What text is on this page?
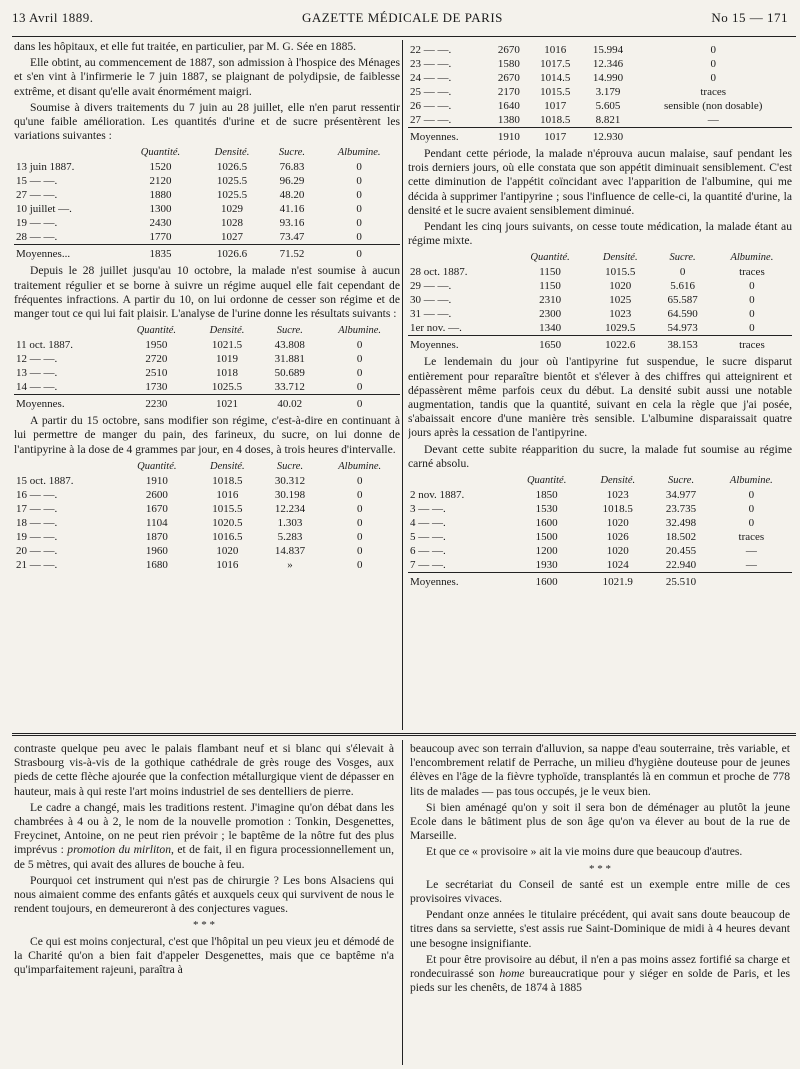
13 Avril 1889.	GAZETTE MÉDICALE DE PARIS	No 15 — 171

dans les hôpitaux, et elle fut traitée, en particulier, par M. G. Sée en 1885.

Elle obtint, au commencement de 1887, son admission à l'hospice des Ménages et s'en vint à l'infirmerie le 7 juin 1887, se plaignant de polydipsie, de faiblesse extrême, et disant qu'elle avait énormément maigri.

Soumise à divers traitements du 7 juin au 28 juillet, elle n'en parut ressentir qu'une faible amélioration. Les quantités d'urine et de sucre présentèrent les variations suivantes :

	Quantité.	Densité.	Sucre.	Albumine.
13 juin 1887.	1520	1026.5	76.83	0
15 — —.	2120	1025.5	96.29	0
27 — —.	1880	1025.5	48.20	0
10 juillet —.	1300	1029	41.16	0
19 — —.	2430	1028	93.16	0
28 — —.	1770	1027	73.47	0
Moyennes...	1835	1026.6	71.52	0

Depuis le 28 juillet jusqu'au 10 octobre, la malade n'est soumise à aucun traitement régulier et se borne à suivre un régime auquel elle fait cependant de fréquentes infractions. A partir du 10, on lui ordonne de cesser son régime et de manger tout ce qui lui fait plaisir. L'analyse de l'urine donne les résultats suivants :

	Quantité.	Densité.	Sucre.	Albumine.
11 oct. 1887.	1950	1021.5	43.808	0
12 — —.	2720	1019	31.881	0
13 — —.	2510	1018	50.689	0
14 — —.	1730	1025.5	33.712	0
Moyennes.	2230	1021	40.02	0

A partir du 15 octobre, sans modifier son régime, c'est-à-dire en continuant à lui permettre de manger du pain, des farineux, du sucre, on lui donne de l'antipyrine à la dose de 4 grammes par jour, en 4 doses, à trois heures d'intervalle.

	Quantité.	Densité.	Sucre.	Albumine.
15 oct. 1887.	1910	1018.5	30.312	0
16 — —.	2600	1016	30.198	0
17 — —.	1670	1015.5	12.234	0
18 — —.	1104	1020.5	1.303	0
19 — —.	1870	1016.5	5.283	0
20 — —.	1960	1020	14.837	0
21 — —.	1680	1016	»	0
22 — —.	2670	1016	15.994	0
23 — —.	1580	1017.5	12.346	0
24 — —.	2670	1014.5	14.990	0
25 — —.	2170	1015.5	3.179	traces
26 — —.	1640	1017	5.605	sensible (non dosable)
27 — —.	1380	1018.5	8.821	—
Moyennes.	1910	1017	12.930	

Pendant cette période, la malade n'éprouva aucun malaise, sauf pendant les trois derniers jours, où elle constata que son appétit diminuait sensiblement. C'est cette diminution de l'appétit coïncidant avec l'apparition de l'albumine, qui me décida à supprimer l'antipyrine ; sous l'influence de celle-ci, la quantité d'urine, la densité et le sucre avaient sensiblement diminué.

Pendant les cinq jours suivants, on cesse toute médication, la malade étant au régime mixte.

	Quantité.	Densité.	Sucre.	Albumine.
28 oct. 1887.	1150	1015.5	0	traces
29 — —.	1150	1020	5.616	0
30 — —.	2310	1025	65.587	0
31 — —.	2300	1023	64.590	0
1er nov. —.	1340	1029.5	54.973	0
Moyennes.	1650	1022.6	38.153	traces

Le lendemain du jour où l'antipyrine fut suspendue, le sucre disparut entièrement pour reparaître bientôt et s'élever à des chiffres qui atteignirent et dépassèrent même parfois ceux du début. La densité subit aussi une notable augmentation, tandis que la quantité, suivant en cela la règle que j'ai posée, s'abaissait encore d'une manière très sensible. L'albumine disparaissait quatre jours après la cessation de l'antipyrine.

Devant cette subite réapparition du sucre, la malade fut soumise au régime carné absolu.

	Quantité.	Densité.	Sucre.	Albumine.
2 nov. 1887.	1850	1023	34.977	0
3 — —.	1530	1018.5	23.735	0
4 — —.	1600	1020	32.498	0
5 — —.	1500	1026	18.502	traces
6 — —.	1200	1020	20.455	—
7 — —.	1930	1024	22.940	—
Moyennes.	1600	1021.9	25.510	

contraste quelque peu avec le palais flambant neuf et si blanc qui s'élevait à Strasbourg vis-à-vis de la gothique cathédrale de grès rouge des Vosges, aux pieds de cette flèche ajourée que la confection métallurgique vient de dépasser en hauteur, mais à qui reste l'art moins industriel de ses dentelliers de pierre.

Le cadre a changé, mais les traditions restent. J'imagine qu'on débat dans les chambrées à 4 ou à 2, le nom de la nouvelle promotion : Tonkin, Desgenettes, Freycinet, Antoine, on ne peut rien prévoir ; le baptême de la nôtre fut des plus imprévus : promotion du mirliton, et de fait, il en figura processionnellement un, de 5 mètres, qui avait des allures de bouche à feu.

Pourquoi cet instrument qui n'est pas de chirurgie ? Les bons Alsaciens qui nous aimaient comme des enfants gâtés et auxquels ceux qui survivent de nous le rendent toujours, en demeureront à des conjectures vagues.

* * *

Ce qui est moins conjectural, c'est que l'hôpital un peu vieux jeu et démodé de la Charité qu'on a bien fait d'appeler Desgenettes, mais que ce baptême n'a qu'imparfaitement rajeuni, paraîtra à

beaucoup avec son terrain d'alluvion, sa nappe d'eau souterraine, très variable, et l'encombrement relatif de Perrache, un milieu d'hygiène douteuse pour de jeunes élèves en l'âge de la fièvre typhoïde, transplantés là en commun et proche de 778 lits de malades — pas tous occupés, je le veux bien.

Si bien aménagé qu'on y soit il sera bon de déménager au plutôt la jeune Ecole dans le bâtiment plus de son âge qu'on va élever au bout de la rue de Marseille.

Et que ce « provisoire » ait la vie moins dure que beaucoup d'autres.

* * *

Le secrétariat du Conseil de santé est un exemple entre mille de ces provisoires vivaces.

Pendant onze années le titulaire précédent, qui avait sans doute beaucoup de titres dans sa serviette, s'est assis rue Saint-Dominique de midi à 4 heures devant une besogne insignifiante.

Et pour être provisoire au début, il n'en a pas moins assez fortifié sa charge et rondecuirassé son home bureaucratique pour y siéger en solde de Paris, et les pieds sur les chenêts, de 1874 à 1885
